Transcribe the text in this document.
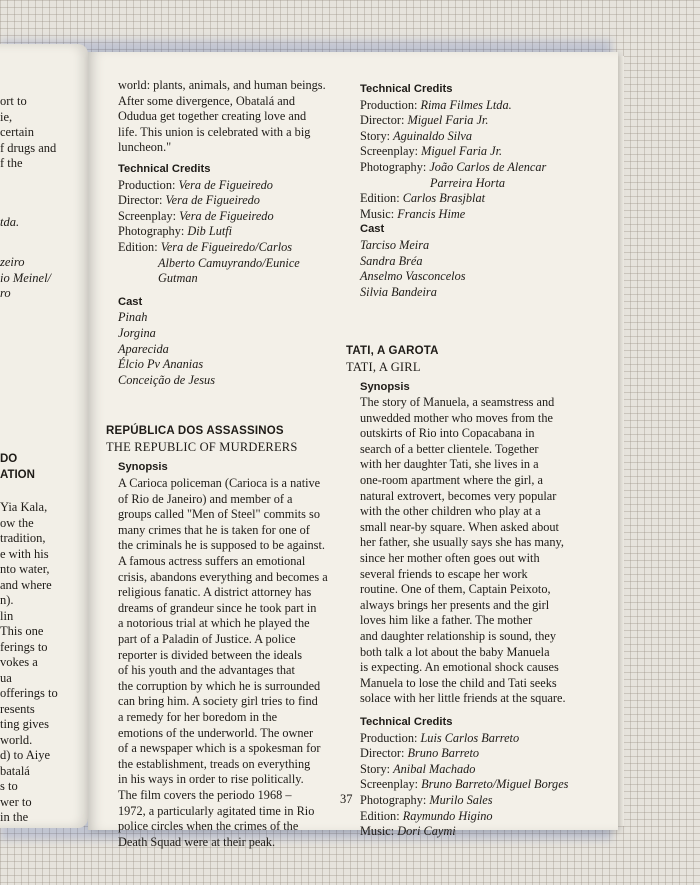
ort to
ie,
certain
f drugs and
f the
tda.
zeiro
io Meinel/
ro
DO
ATION
Yia Kala,
ow the
tradition,
e with his
nto water,
and where
n).
lin
This one
ferings to
vokes a
ua
offerings to
resents
ting gives
world.
d) to Aiye
batalá
s to
wer to
in the
world: plants, animals, and human beings.
After some divergence, Obatalá and
Odudua get together creating love and
life. This union is celebrated with a big
luncheon."
Technical Credits
Production: Vera de Figueiredo
Director: Vera de Figueiredo
Screenplay: Vera de Figueiredo
Photography: Dib Lutfi
Edition: Vera de Figueiredo/Carlos
Alberto Camuyrando/Eunice
Gutman
Cast
Pinah
Jorgina
Aparecida
Élcio Pv Ananias
Conceição de Jesus
REPÚBLICA DOS ASSASSINOS
THE REPUBLIC OF MURDERERS
Synopsis
A Carioca policeman (Carioca is a native
of Rio de Janeiro) and member of a
groups called "Men of Steel" commits so
many crimes that he is taken for one of
the criminals he is supposed to be against.
A famous actress suffers an emotional
crisis, abandons everything and becomes a
religious fanatic. A district attorney has
dreams of grandeur since he took part in
a notorious trial at which he played the
part of a Paladin of Justice. A police
reporter is divided between the ideals
of his youth and the advantages that
the corruption by which he is surrounded
can bring him. A society girl tries to find
a remedy for her boredom in the
emotions of the underworld. The owner
of a newspaper which is a spokesman for
the establishment, treads on everything
in his ways in order to rise politically.
The film covers the periodo 1968 –
1972, a particularly agitated time in Rio
police circles when the crimes of the
Death Squad were at their peak.
Technical Credits
Production: Rima Filmes Ltda.
Director: Miguel Faria Jr.
Story: Aguinaldo Silva
Screenplay: Miguel Faria Jr.
Photography: João Carlos de Alencar
Parreira Horta
Edition: Carlos Brasjblat
Music: Francis Hime
Cast
Tarciso Meira
Sandra Bréa
Anselmo Vasconcelos
Silvia Bandeira
TATI, A GAROTA
TATI, A GIRL
Synopsis
The story of Manuela, a seamstress and
unwedded mother who moves from the
outskirts of Rio into Copacabana in
search of a better clientele. Together
with her daughter Tati, she lives in a
one-room apartment where the girl, a
natural extrovert, becomes very popular
with the other children who play at a
small near-by square. When asked about
her father, she usually says she has many,
since her mother often goes out with
several friends to escape her work
routine. One of them, Captain Peixoto,
always brings her presents and the girl
loves him like a father. The mother
and daughter relationship is sound, they
both talk a lot about the baby Manuela
is expecting. An emotional shock causes
Manuela to lose the child and Tati seeks
solace with her little friends at the square.
Technical Credits
Production: Luis Carlos Barreto
Director: Bruno Barreto
Story: Anibal Machado
Screenplay: Bruno Barreto/Miguel Borges
Photography: Murilo Sales
Edition: Raymundo Higino
Music: Dori Caymi
37
